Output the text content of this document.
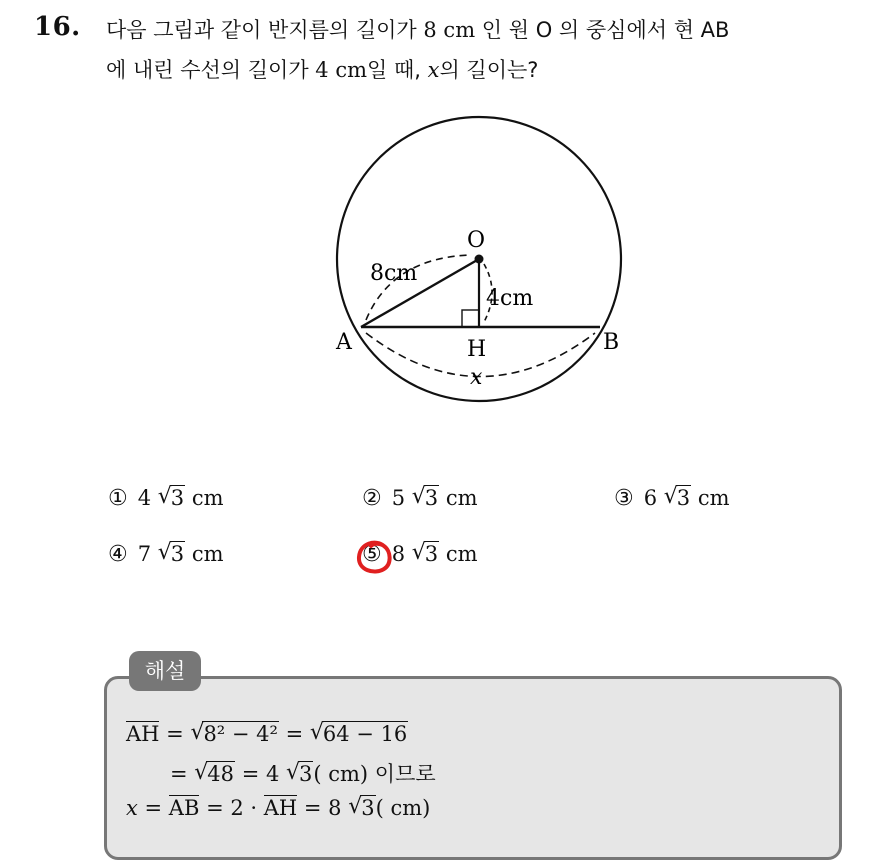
16. 다음 그림과 같이 반지름의 길이가 8 cm 인 원 O 의 중심에서 현 AB
에 내린 수선의 길이가 4 cm일 때, x의 길이는?
O
A	B
H
8cm
4cm
x
① 4 √ 3 cm	② 5 √ 3 cm	③ 6 √ 3 cm
④ 7 √ 3 cm	⑤ 8 √ 3 cm
해설
AH = √ 8² − 4² = √ 64 − 16
= √ 48 = 4 √ 3( cm) 이므로
x = AB = 2 · AH = 8 √ 3( cm)
